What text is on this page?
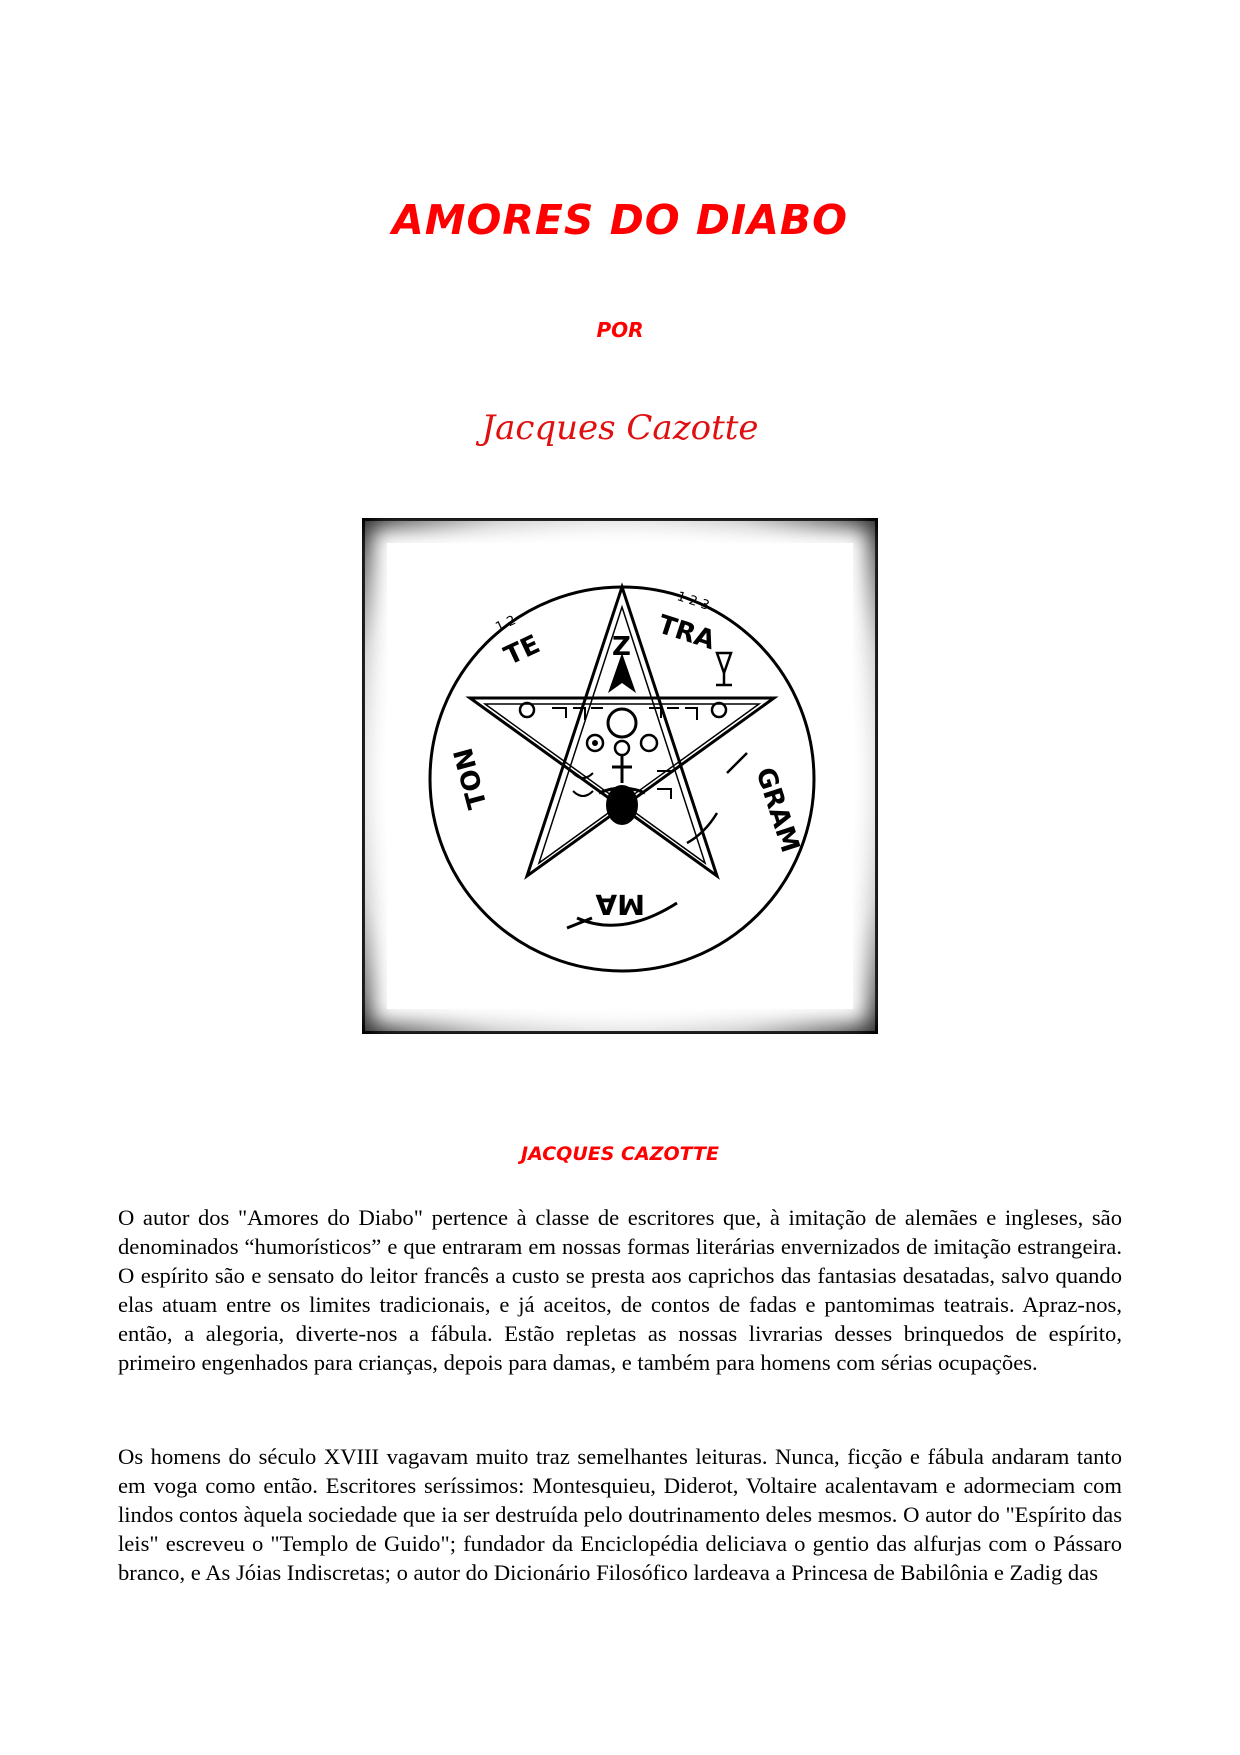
AMORES DO DIABO
POR
Jacques Cazotte
TE	TRA
TON	GRAM
MA
Z
1 2
1 2 3
JACQUES CAZOTTE

O autor dos "Amores do Diabo" pertence à classe de escritores que, à imitação de alemães e ingleses, são denominados “humorísticos” e que entraram em nossas formas literárias envernizados de imitação estrangeira. O espírito são e sensato do leitor francês a custo se presta aos caprichos das fantasias desatadas, salvo quando elas atuam entre os limites tradicionais, e já aceitos, de contos de fadas e pantomimas teatrais. Apraz-nos, então, a alegoria, diverte-nos a fábula. Estão repletas as nossas livrarias desses brinquedos de espírito, primeiro engenhados para crianças, depois para damas, e também para homens com sérias ocupações.

Os homens do século XVIII vagavam muito traz semelhantes leituras. Nunca, ficção e fábula andaram tanto em voga como então. Escritores seríssimos: Montesquieu, Diderot, Voltaire acalentavam e adormeciam com lindos contos àquela sociedade que ia ser destruída pelo doutrinamento deles mesmos. O autor do "Espírito das leis" escreveu o "Templo de Guido"; fundador da Enciclopédia deliciava o gentio das alfurjas com o Pássaro branco, e As Jóias Indiscretas; o autor do Dicionário Filosófico lardeava a Princesa de Babilônia e Zadig das
